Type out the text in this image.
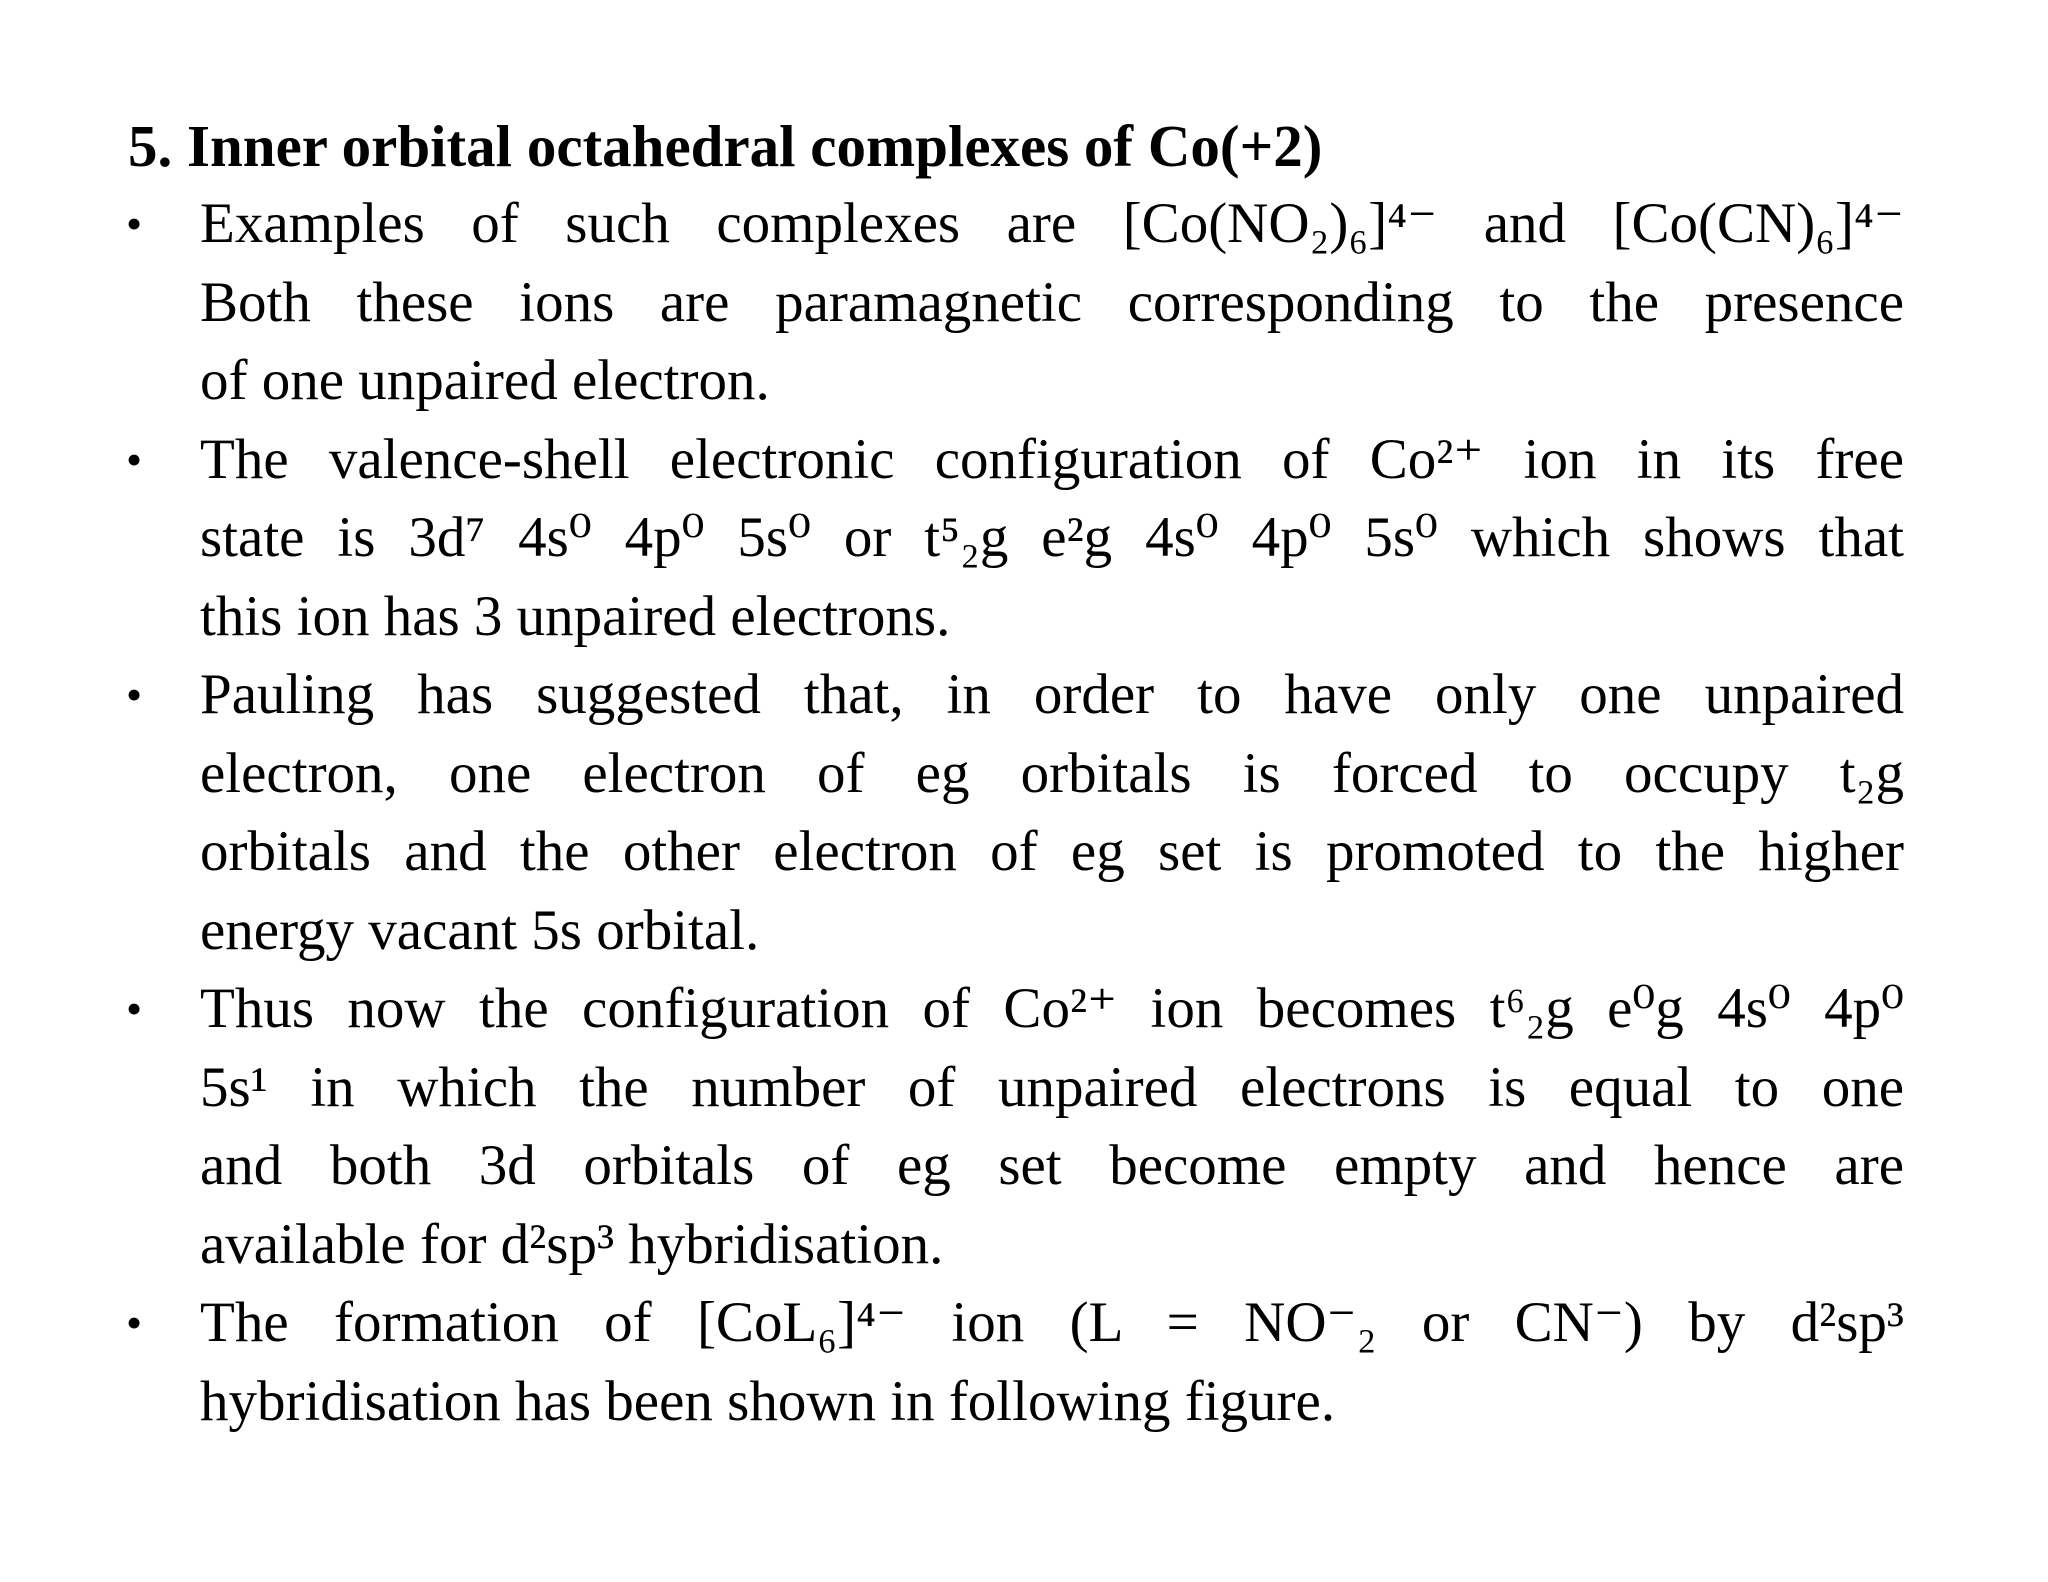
5. Inner orbital octahedral complexes of Co(+2)
• Examples of such complexes are [Co(NO₂)₆]⁴⁻ and [Co(CN)₆]⁴⁻
Both these ions are paramagnetic corresponding to the presence
of one unpaired electron.
• The valence-shell electronic configuration of Co²⁺ ion in its free
state is 3d⁷ 4s⁰ 4p⁰ 5s⁰ or t⁵₂g e²g 4s⁰ 4p⁰ 5s⁰ which shows that
this ion has 3 unpaired electrons.
• Pauling has suggested that, in order to have only one unpaired
electron, one electron of eg orbitals is forced to occupy t₂g
orbitals and the other electron of eg set is promoted to the higher
energy vacant 5s orbital.
• Thus now the configuration of Co²⁺ ion becomes t⁶₂g e⁰g 4s⁰ 4p⁰
5s¹ in which the number of unpaired electrons is equal to one
and both 3d orbitals of eg set become empty and hence are
available for d²sp³ hybridisation.
• The formation of [CoL₆]⁴⁻ ion (L = NO⁻₂ or CN⁻) by d²sp³
hybridisation has been shown in following figure.
